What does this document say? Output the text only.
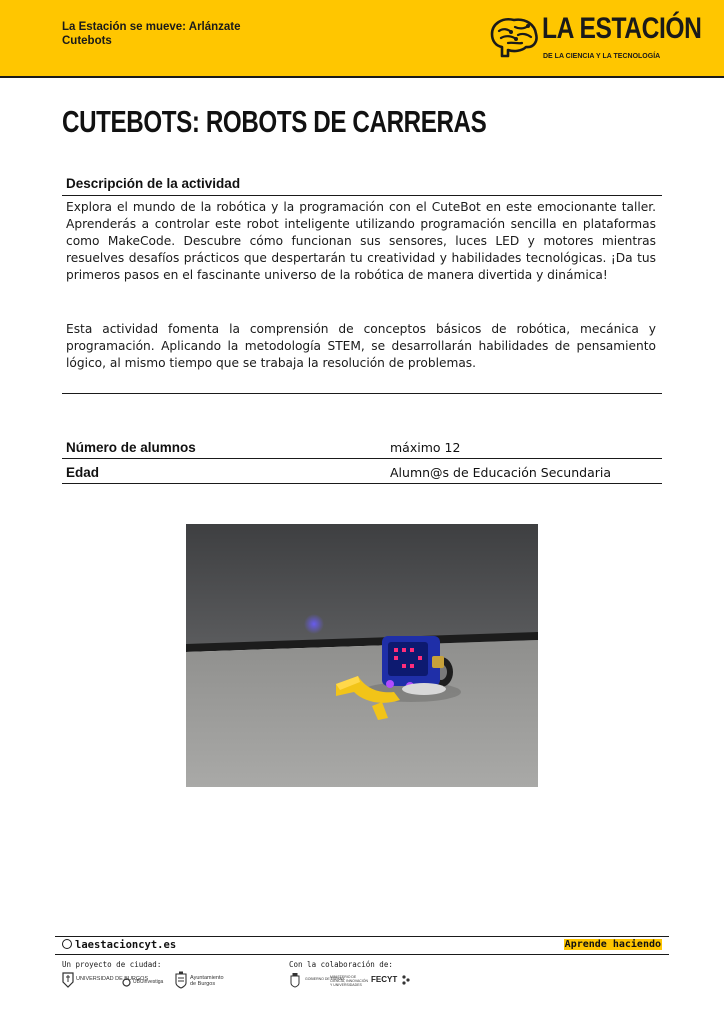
La Estación se mueve: Arlánzate
Cutebots	LA ESTACIÓN
DE LA CIENCIA Y LA TECNOLOGÍA
CUTEBOTS: ROBOTS DE CARRERAS
Descripción de la actividad

Explora el mundo de la robótica y la programación con el CuteBot en este emocionante taller. Aprenderás a controlar este robot inteligente utilizando programación sencilla en plataformas como MakeCode. Descubre cómo funcionan sus sensores, luces LED y motores mientras resuelves desafíos prácticos que despertarán tu creatividad y habilidades tecnológicas. ¡Da tus primeros pasos en el fascinante universo de la robótica de manera divertida y dinámica!

Esta actividad fomenta la comprensión de conceptos básicos de robótica, mecánica y programación. Aplicando la metodología STEM, se desarrollarán habilidades de pensamiento lógico, al mismo tiempo que se trabaja la resolución de problemas.

Número de alumnos	máximo 12
Edad	Alumn@s de Educación Secundaria
laestacioncyt.es	Aprende haciendo
Un proyecto de ciudad:	Con la colaboración de:
UNIVERSIDAD DE BURGOS
UBUinvestiga
Ayuntamiento de Burgos
GOBIERNO DE ESPAÑA
MINISTERIO DE CIENCIA, INNOVACIÓN Y UNIVERSIDADES
FECYT
